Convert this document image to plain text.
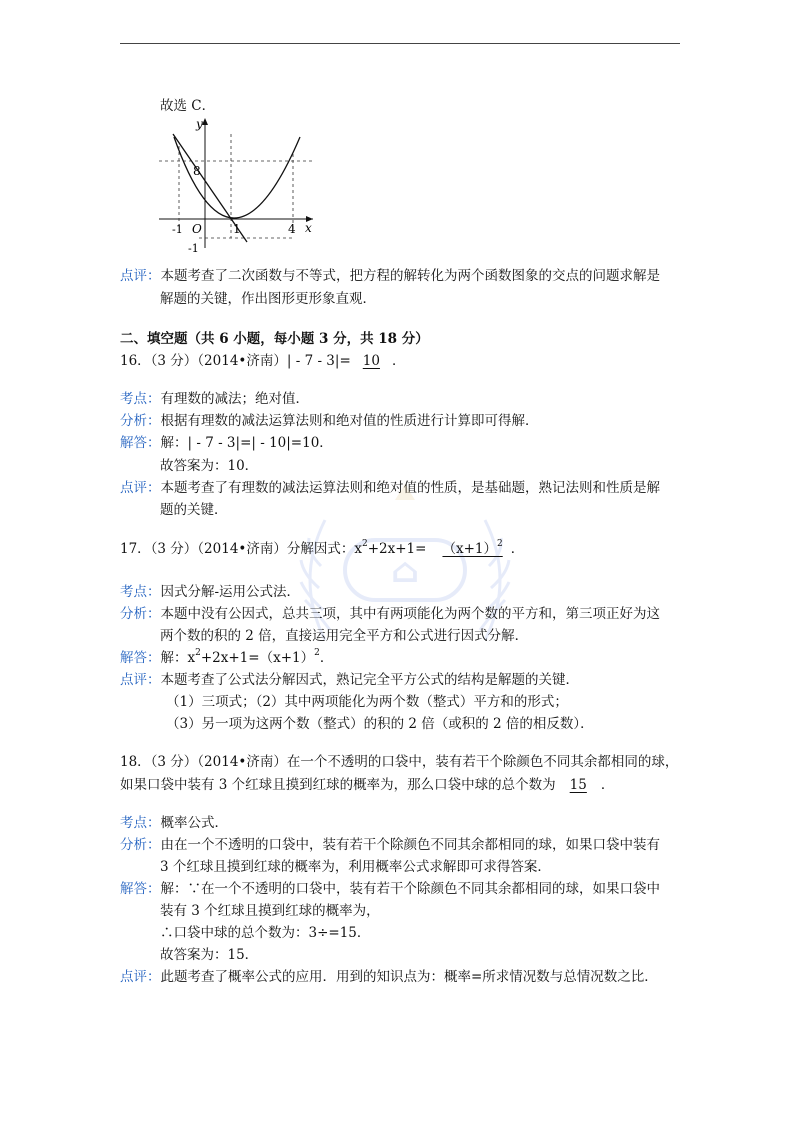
故选 C．
y
x
8
-1 O	1	4
-1
点评：本题考查了二次函数与不等式，把方程的解转化为两个函数图象的交点的问题求解是
解题的关键，作出图形更形象直观．
二、填空题（共 6 小题，每小题 3 分，共 18 分）
16．（3 分）（2014•济南）| - 7 - 3|= 10 ．
考点：有理数的减法；绝对值．
分析：根据有理数的减法运算法则和绝对值的性质进行计算即可得解．
解答：解：| - 7 - 3|=| - 10|=10．
故答案为：10．
点评：本题考查了有理数的减法运算法则和绝对值的性质，是基础题，熟记法则和性质是解
题的关键．
⌂
17．（3 分）（2014•济南）分解因式：$x^2+2x+1= (x+1)^2$ ．
考点：因式分解-运用公式法．
分析：本题中没有公因式，总共三项，其中有两项能化为两个数的平方和，第三项正好为这
两个数的积的 2 倍，直接运用完全平方和公式进行因式分解．
解答：解：$x^2+2x+1=(x+1)^2$．
点评：本题考查了公式法分解因式，熟记完全平方公式的结构是解题的关键．
（1）三项式；（2）其中两项能化为两个数（整式）平方和的形式；
（3）另一项为这两个数（整式）的积的 2 倍（或积的 2 倍的相反数）．
18．（3 分）（2014•济南）在一个不透明的口袋中，装有若干个除颜色不同其余都相同的球，
如果口袋中装有 3 个红球且摸到红球的概率为，那么口袋中球的总个数为 15 ．
考点：概率公式．
分析：由在一个不透明的口袋中，装有若干个除颜色不同其余都相同的球，如果口袋中装有
3 个红球且摸到红球的概率为，利用概率公式求解即可求得答案．
解答：解：∵在一个不透明的口袋中，装有若干个除颜色不同其余都相同的球，如果口袋中
装有 3 个红球且摸到红球的概率为，
∴口袋中球的总个数为：3÷=15．
故答案为：15．
点评：此题考查了概率公式的应用．用到的知识点为：概率=所求情况数与总情况数之比．
